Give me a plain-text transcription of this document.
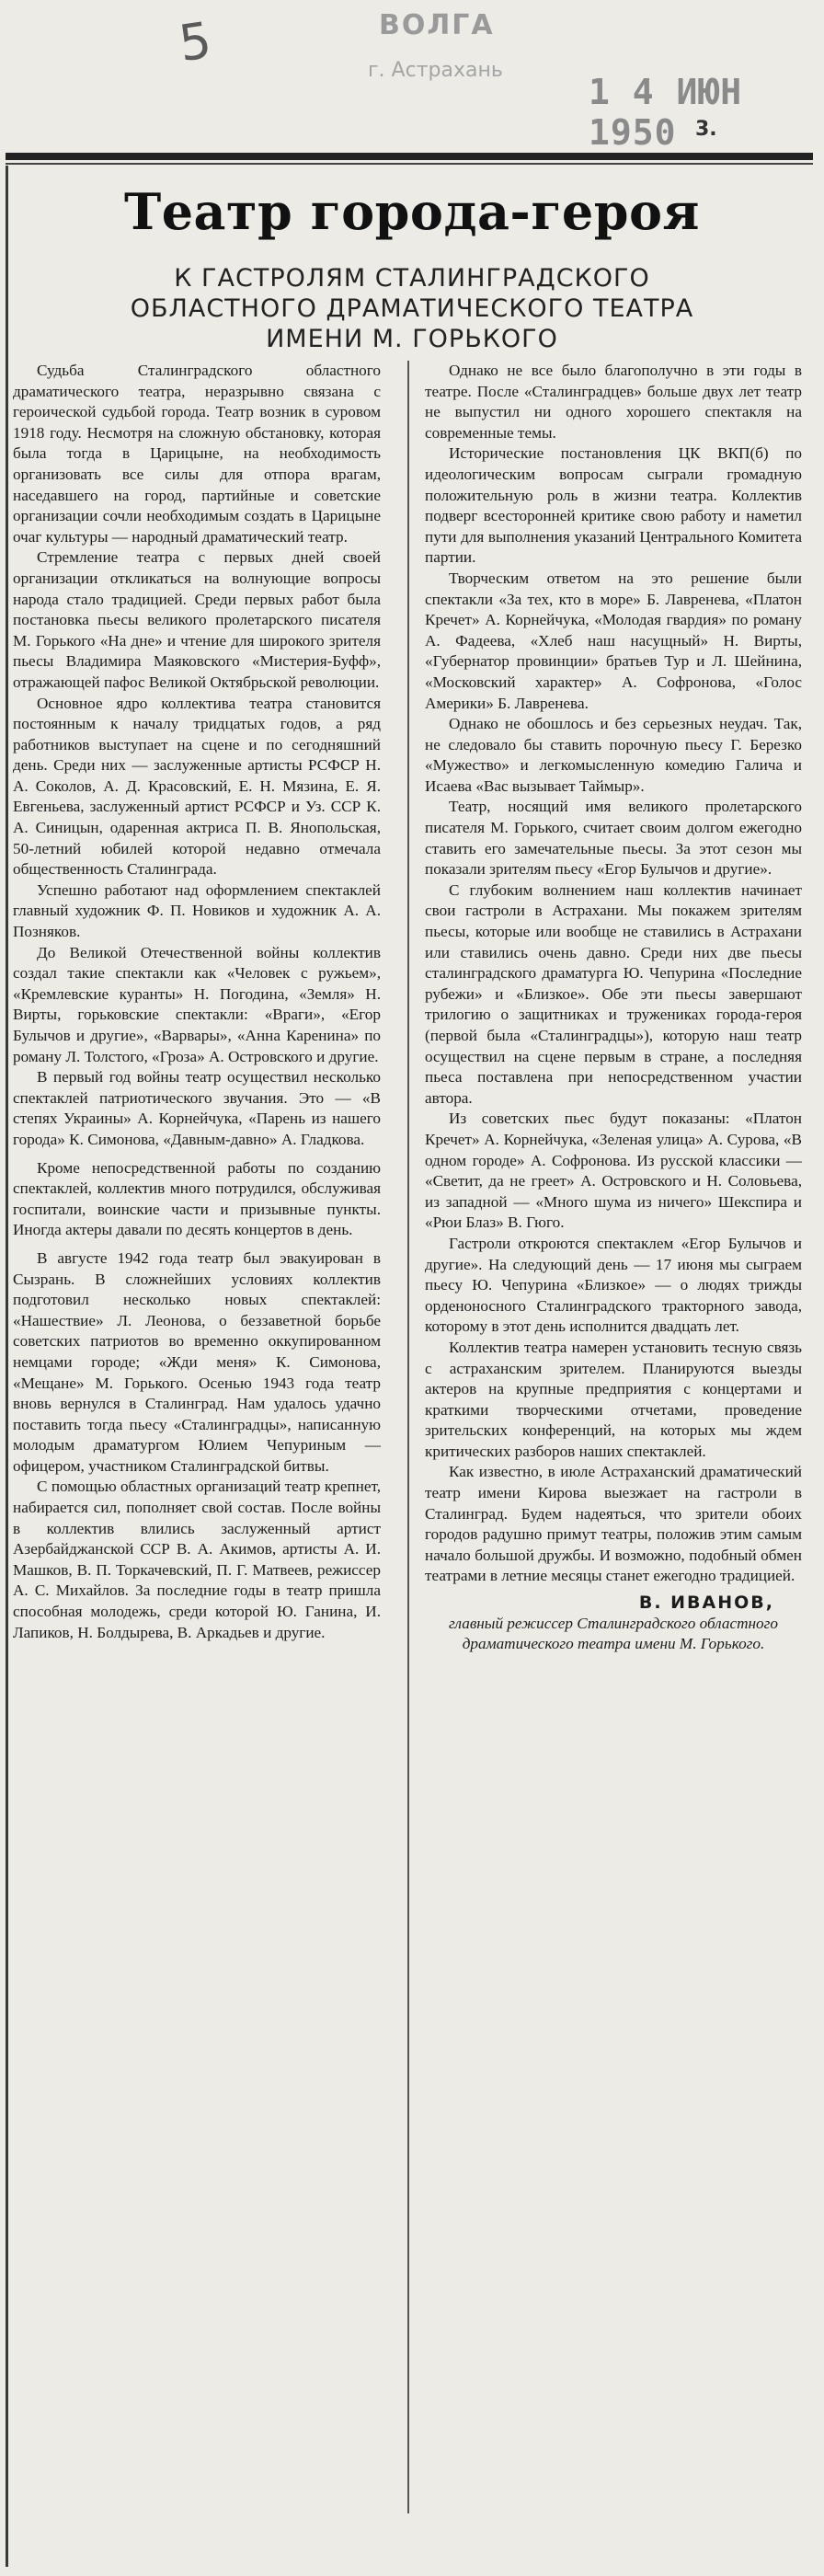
5	ВОЛГА
г. Астрахань
1 4 ИЮН 1950 3.
Театр города-героя
К ГАСТРОЛЯМ СТАЛИНГРАДСКОГО
ОБЛАСТНОГО ДРАМАТИЧЕСКОГО ТЕАТРА
ИМЕНИ М. ГОРЬКОГО

Судьба Сталинградского областного драматического театра, неразрывно связана с героической судьбой города. Театр возник в суровом 1918 году. Несмотря на сложную обстановку, которая была тогда в Царицыне, на необходимость организовать все силы для отпора врагам, наседавшего на город, партийные и советские организации сочли необходимым создать в Царицыне очаг культуры — народный драматический театр.

Стремление театра с первых дней своей организации откликаться на волнующие вопросы народа стало традицией. Среди первых работ была постановка пьесы великого пролетарского писателя М. Горького «На дне» и чтение для широкого зрителя пьесы Владимира Маяковского «Мистерия-Буфф», отражающей пафос Великой Октябрьской революции.

Основное ядро коллектива театра становится постоянным к началу тридцатых годов, а ряд работников выступает на сцене и по сегодняшний день. Среди них — заслуженные артисты РСФСР Н. А. Соколов, А. Д. Красовский, Е. Н. Мязина, Е. Я. Евгеньева, заслуженный артист РСФСР и Уз. ССР К. А. Синицын, одаренная актриса П. В. Янопольская, 50-летний юбилей которой недавно отмечала общественность Сталинграда.

Успешно работают над оформлением спектаклей главный художник Ф. П. Новиков и художник А. А. Позняков.

До Великой Отечественной войны коллектив создал такие спектакли как «Человек с ружьем», «Кремлевские куранты» Н. Погодина, «Земля» Н. Вирты, горьковские спектакли: «Враги», «Егор Булычов и другие», «Варвары», «Анна Каренина» по роману Л. Толстого, «Гроза» А. Островского и другие.

В первый год войны театр осуществил несколько спектаклей патриотического звучания. Это — «В степях Украины» А. Корнейчука, «Парень из нашего города» К. Симонова, «Давным-давно» А. Гладкова.

Кроме непосредственной работы по созданию спектаклей, коллектив много потрудился, обслуживая госпитали, воинские части и призывные пункты. Иногда актеры давали по десять концертов в день.

В августе 1942 года театр был эвакуирован в Сызрань. В сложнейших условиях коллектив подготовил несколько новых спектаклей: «Нашествие» Л. Леонова, о беззаветной борьбе советских патриотов во временно оккупированном немцами городе; «Жди меня» К. Симонова, «Мещане» М. Горького. Осенью 1943 года театр вновь вернулся в Сталинград. Нам удалось удачно поставить тогда пьесу «Сталинградцы», написанную молодым драматургом Юлием Чепуриным — офицером, участником Сталинградской битвы.

С помощью областных организаций театр крепнет, набирается сил, пополняет свой состав. После войны в коллектив влились заслуженный артист Азербайджанской ССР В. А. Акимов, артисты А. И. Машков, В. П. Торкачевский, П. Г. Матвеев, режиссер А. С. Михайлов. За последние годы в театр пришла способная молодежь, среди которой Ю. Ганина, И. Лапиков, Н. Болдырева, В. Аркадьев и другие.

Однако не все было благополучно в эти годы в театре. После «Сталинградцев» больше двух лет театр не выпустил ни одного хорошего спектакля на современные темы.

Исторические постановления ЦК ВКП(б) по идеологическим вопросам сыграли громадную положительную роль в жизни театра. Коллектив подверг всесторонней критике свою работу и наметил пути для выполнения указаний Центрального Комитета партии.

Творческим ответом на это решение были спектакли «За тех, кто в море» Б. Лавренева, «Платон Кречет» А. Корнейчука, «Молодая гвардия» по роману А. Фадеева, «Хлеб наш насущный» Н. Вирты, «Губернатор провинции» братьев Тур и Л. Шейнина, «Московский характер» А. Софронова, «Голос Америки» Б. Лавренева.

Однако не обошлось и без серьезных неудач. Так, не следовало бы ставить порочную пьесу Г. Березко «Мужество» и легкомысленную комедию Галича и Исаева «Вас вызывает Таймыр».

Театр, носящий имя великого пролетарского писателя М. Горького, считает своим долгом ежегодно ставить его замечательные пьесы. За этот сезон мы показали зрителям пьесу «Егор Булычов и другие».

С глубоким волнением наш коллектив начинает свои гастроли в Астрахани. Мы покажем зрителям пьесы, которые или вообще не ставились в Астрахани или ставились очень давно. Среди них две пьесы сталинградского драматурга Ю. Чепурина «Последние рубежи» и «Близкое». Обе эти пьесы завершают трилогию о защитниках и тружениках города-героя (первой была «Сталинградцы»), которую наш театр осуществил на сцене первым в стране, а последняя пьеса поставлена при непосредственном участии автора.

Из советских пьес будут показаны: «Платон Кречет» А. Корнейчука, «Зеленая улица» А. Сурова, «В одном городе» А. Софронова. Из русской классики — «Светит, да не греет» А. Островского и Н. Соловьева, из западной — «Много шума из ничего» Шекспира и «Рюи Блаз» В. Гюго.

Гастроли откроются спектаклем «Егор Булычов и другие». На следующий день — 17 июня мы сыграем пьесу Ю. Чепурина «Близкое» — о людях трижды орденоносного Сталинградского тракторного завода, которому в этот день исполнится двадцать лет.

Коллектив театра намерен установить тесную связь с астраханским зрителем. Планируются выезды актеров на крупные предприятия с концертами и краткими творческими отчетами, проведение зрительских конференций, на которых мы ждем критических разборов наших спектаклей.

Как известно, в июле Астраханский драматический театр имени Кирова выезжает на гастроли в Сталинград. Будем надеяться, что зрители обоих городов радушно примут театры, положив этим самым начало большой дружбы. И возможно, подобный обмен театрами в летние месяцы станет ежегодно традицией.

В. ИВАНОВ,
главный режиссер Сталинградского областного драматического театра имени М. Горького.
